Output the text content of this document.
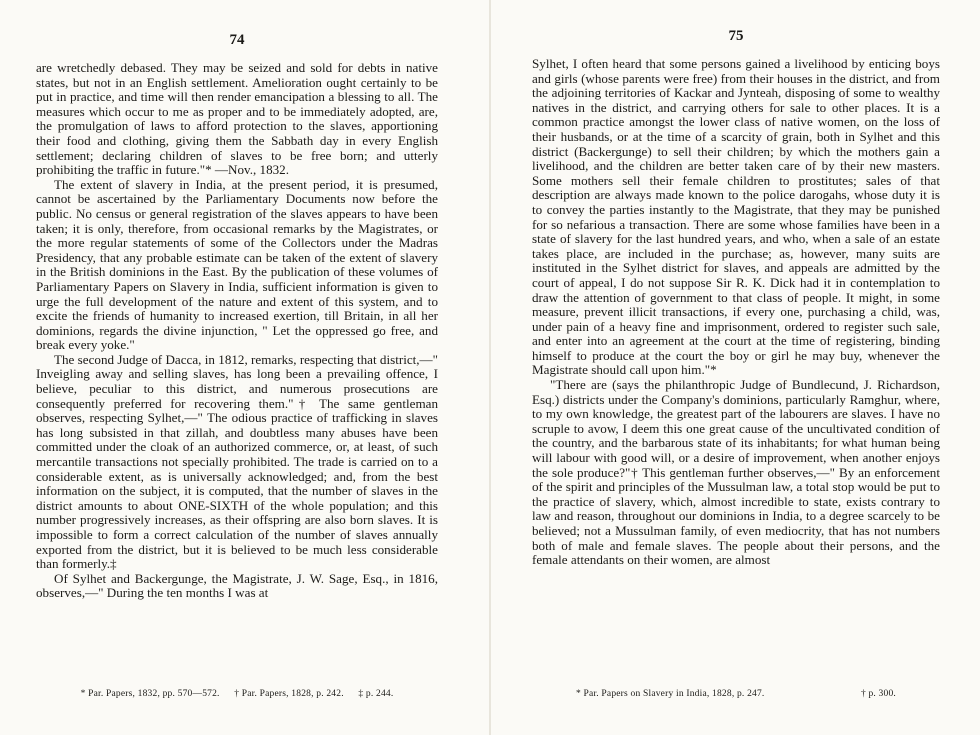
74

are wretchedly debased. They may be seized and sold for debts in native states, but not in an English settlement. Amelioration ought certainly to be put in practice, and time will then render emancipation a blessing to all. The measures which occur to me as proper and to be immediately adopted, are, the promulgation of laws to afford protection to the slaves, apportioning their food and clothing, giving them the Sabbath day in every English settlement; declaring children of slaves to be free born; and utterly prohibiting the traffic in future."* —Nov., 1832.

The extent of slavery in India, at the present period, it is presumed, cannot be ascertained by the Parliamentary Documents now before the public. No census or general registration of the slaves appears to have been taken; it is only, therefore, from occasional remarks by the Magistrates, or the more regular statements of some of the Collectors under the Madras Presidency, that any probable estimate can be taken of the extent of slavery in the British dominions in the East. By the publication of these volumes of Parliamentary Papers on Slavery in India, sufficient information is given to urge the full development of the nature and extent of this system, and to excite the friends of humanity to increased exertion, till Britain, in all her dominions, regards the divine injunction, " Let the oppressed go free, and break every yoke."

The second Judge of Dacca, in 1812, remarks, respecting that district,—" Inveigling away and selling slaves, has long been a prevailing offence, I believe, peculiar to this district, and numerous prosecutions are consequently preferred for recovering them."† The same gentleman observes, respecting Sylhet,—" The odious practice of trafficking in slaves has long subsisted in that zillah, and doubtless many abuses have been committed under the cloak of an authorized commerce, or, at least, of such mercantile transactions not specially prohibited. The trade is carried on to a considerable extent, as is universally acknowledged; and, from the best information on the subject, it is computed, that the number of slaves in the district amounts to about ONE-SIXTH of the whole population; and this number progressively increases, as their offspring are also born slaves. It is impossible to form a correct calculation of the number of slaves annually exported from the district, but it is believed to be much less considerable than formerly.‡

Of Sylhet and Backergunge, the Magistrate, J. W. Sage, Esq., in 1816, observes,—" During the ten months I was at

* Par. Papers, 1832, pp. 570—572. † Par. Papers, 1828, p. 242. ‡ p. 244.
75

Sylhet, I often heard that some persons gained a livelihood by enticing boys and girls (whose parents were free) from their houses in the district, and from the adjoining territories of Kackar and Jynteah, disposing of some to wealthy natives in the district, and carrying others for sale to other places. It is a common practice amongst the lower class of native women, on the loss of their husbands, or at the time of a scarcity of grain, both in Sylhet and this district (Backergunge) to sell their children; by which the mothers gain a livelihood, and the children are better taken care of by their new masters. Some mothers sell their female children to prostitutes; sales of that description are always made known to the police darogahs, whose duty it is to convey the parties instantly to the Magistrate, that they may be punished for so nefarious a transaction. There are some whose families have been in a state of slavery for the last hundred years, and who, when a sale of an estate takes place, are included in the purchase; as, however, many suits are instituted in the Sylhet district for slaves, and appeals are admitted by the court of appeal, I do not suppose Sir R. K. Dick had it in contemplation to draw the attention of government to that class of people. It might, in some measure, prevent illicit transactions, if every one, purchasing a child, was, under pain of a heavy fine and imprisonment, ordered to register such sale, and enter into an agreement at the court at the time of registering, binding himself to produce at the court the boy or girl he may buy, whenever the Magistrate should call upon him."*

"There are (says the philanthropic Judge of Bundlecund, J. Richardson, Esq.) districts under the Company's dominions, particularly Ramghur, where, to my own knowledge, the greatest part of the labourers are slaves. I have no scruple to avow, I deem this one great cause of the uncultivated condition of the country, and the barbarous state of its inhabitants; for what human being will labour with good will, or a desire of improvement, when another enjoys the sole produce?"† This gentleman further observes,—" By an enforcement of the spirit and principles of the Mussulman law, a total stop would be put to the practice of slavery, which, almost incredible to state, exists contrary to law and reason, throughout our dominions in India, to a degree scarcely to be believed; not a Mussulman family, of even mediocrity, that has not numbers both of male and female slaves. The people about their persons, and the female attendants on their women, are almost

* Par. Papers on Slavery in India, 1828, p. 247.	† p. 300.
